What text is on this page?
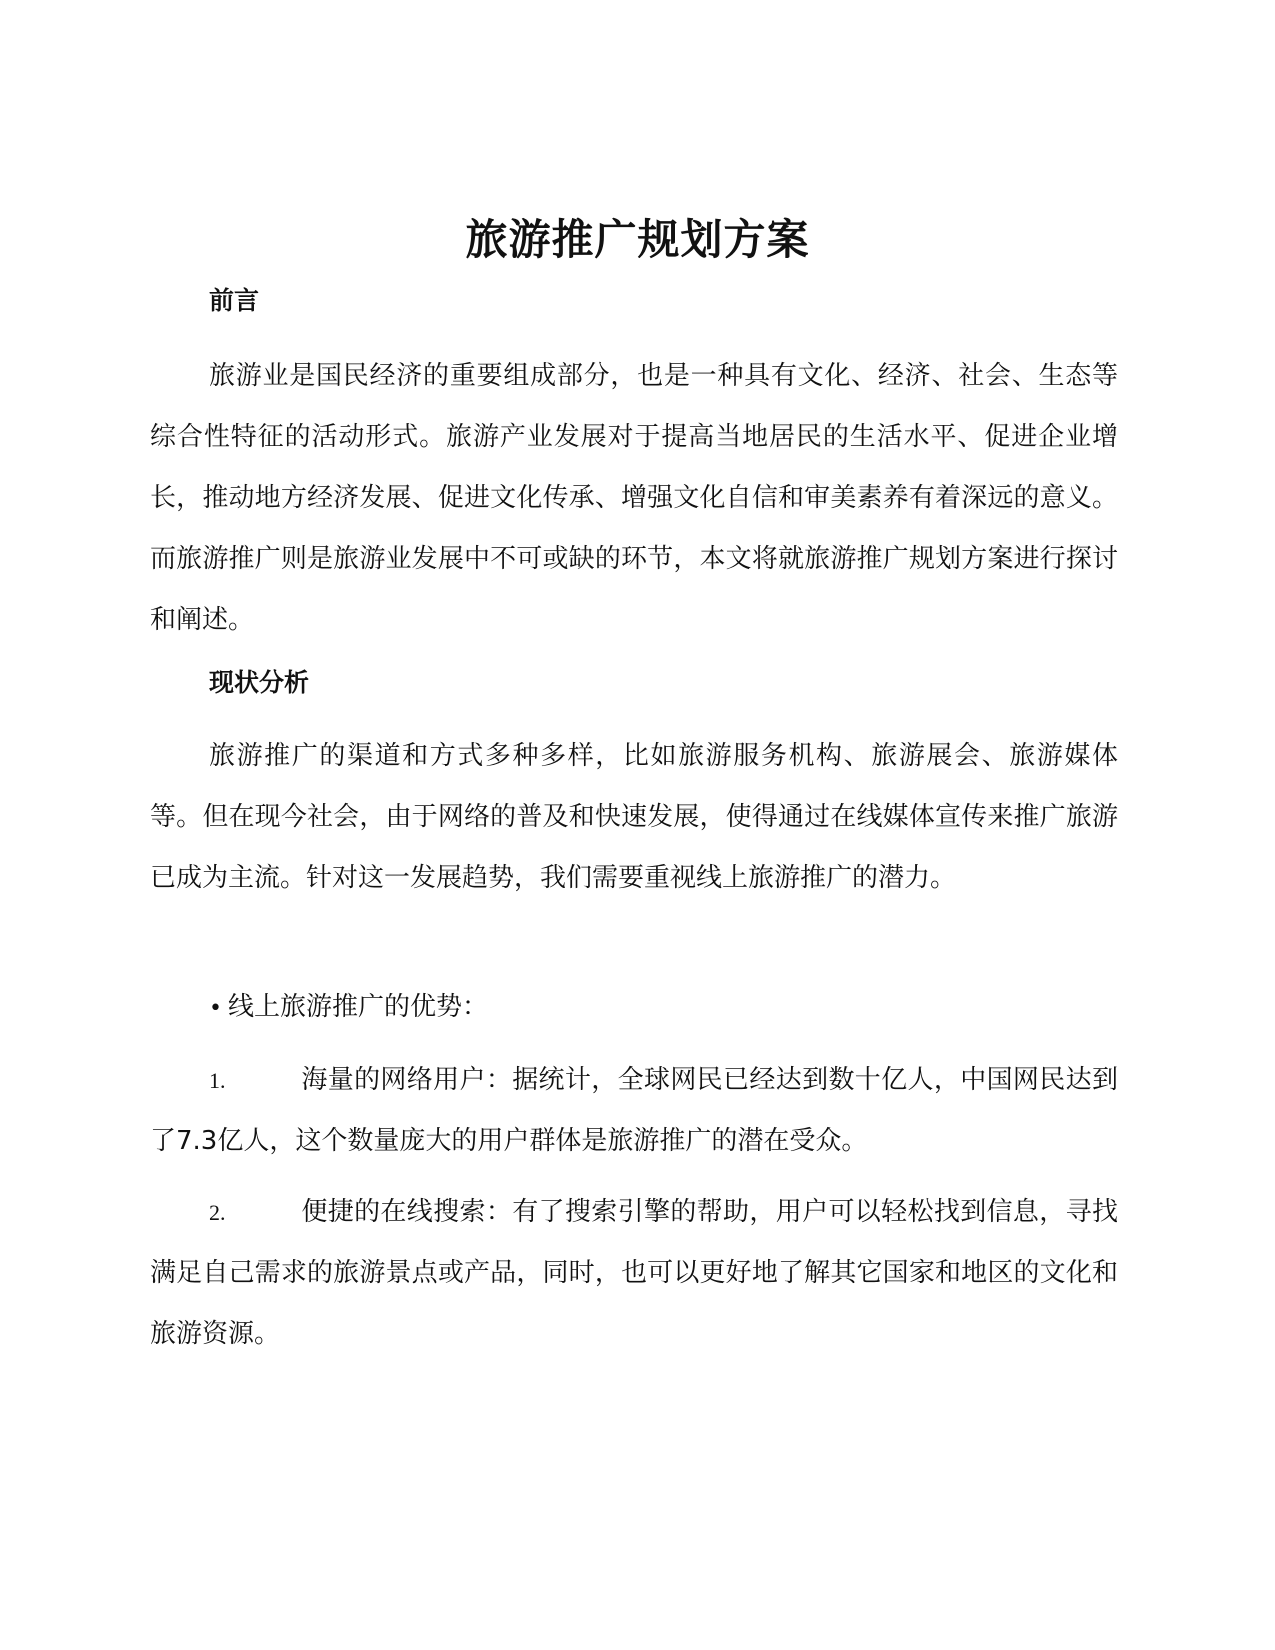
旅游推广规划方案
前言

旅游业是国民经济的重要组成部分，也是一种具有文化、经济、社会、生态等综合性特征的活动形式。旅游产业发展对于提高当地居民的生活水平、促进企业增长，推动地方经济发展、促进文化传承、增强文化自信和审美素养有着深远的意义。而旅游推广则是旅游业发展中不可或缺的环节，本文将就旅游推广规划方案进行探讨和阐述。

现状分析

旅游推广的渠道和方式多种多样，比如旅游服务机构、旅游展会、旅游媒体等。但在现今社会，由于网络的普及和快速发展，使得通过在线媒体宣传来推广旅游已成为主流。针对这一发展趋势，我们需要重视线上旅游推广的潜力。

• 线上旅游推广的优势：

1.	海量的网络用户：据统计，全球网民已经达到数十亿人，中国网民达到了7.3亿人，这个数量庞大的用户群体是旅游推广的潜在受众。

2.	便捷的在线搜索：有了搜索引擎的帮助，用户可以轻松找到信息，寻找满足自己需求的旅游景点或产品，同时，也可以更好地了解其它国家和地区的文化和旅游资源。
